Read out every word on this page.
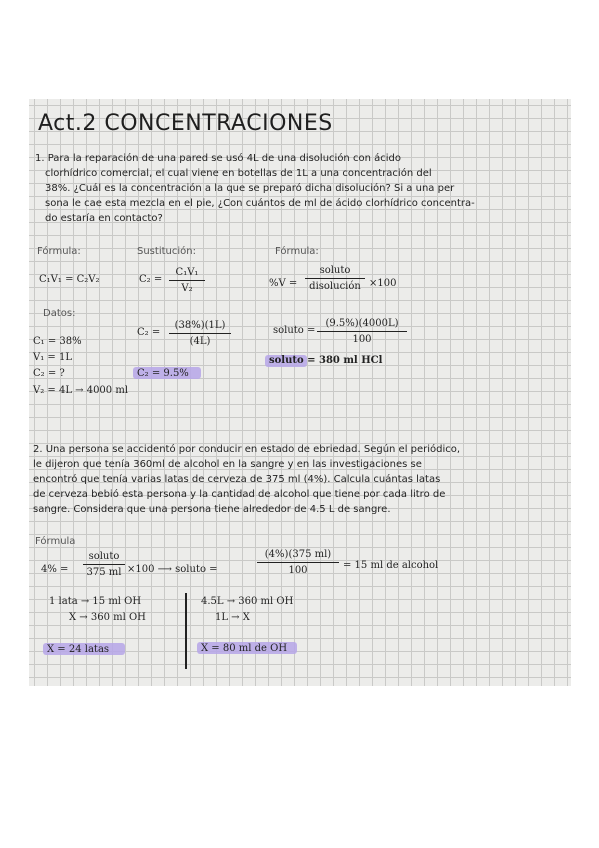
Act.2 CONCENTRACIONES
1. Para la reparación de una pared se usó 4L de una disolución con ácido
clorhídrico comercial, el cual viene en botellas de 1L a una concentración del
38%. ¿Cuál es la concentración a la que se preparó dicha disolución? Si a una per
sona le cae esta mezcla en el pie, ¿Con cuántos de ml de ácido clorhídrico concentra-
do estaría en contacto?
Fórmula:
C₁V₁ = C₂V₂
Sustitución:
C₂ =
C₁V₁
V₂
Fórmula:
%V =
soluto
disolución ×100
Datos:
C₁ = 38%
V₁ = 1L
C₂ = ?
V₂ = 4L → 4000 ml
C₂ =
(38%)(1L)
(4L)
C₂ = 9.5%
soluto =
(9.5%)(4000L)
100
soluto = 380 ml HCl
2. Una persona se accidentó por conducir en estado de ebriedad. Según el periódico,
le dijeron que tenía 360ml de alcohol en la sangre y en las investigaciones se
encontró que tenía varias latas de cerveza de 375 ml (4%). Calcula cuántas latas
de cerveza bebió esta persona y la cantidad de alcohol que tiene por cada litro de
sangre. Considera que una persona tiene alrededor de 4.5 L de sangre.
Fórmula
4% =
soluto
375 ml ×100 ⟶ soluto =
(4%)(375 ml)
100	= 15 ml de alcohol
1 lata → 15 ml OH
X → 360 ml OH
4.5L → 360 ml OH
1L → X
X = 24 latas	X = 80 ml de OH
